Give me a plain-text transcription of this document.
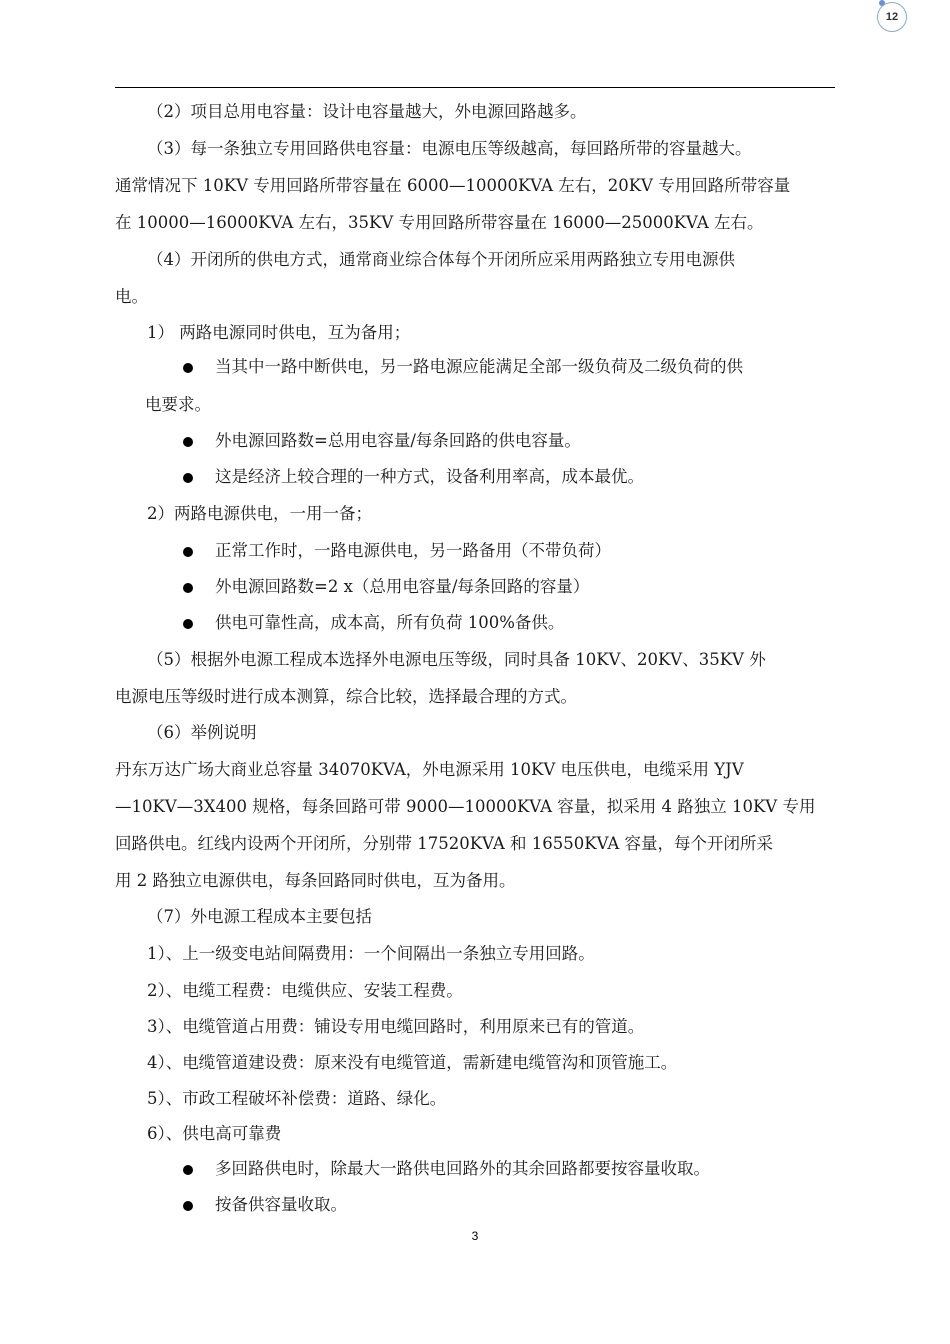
12
（2）项目总用电容量：设计电容量越大，外电源回路越多。
（3）每一条独立专用回路供电容量：电源电压等级越高，每回路所带的容量越大。
通常情况下 10KV 专用回路所带容量在 6000—10000KVA 左右，20KV 专用回路所带容量
在 10000—16000KVA 左右，35KV 专用回路所带容量在 16000—25000KVA 左右。
（4）开闭所的供电方式，通常商业综合体每个开闭所应采用两路独立专用电源供
电。
1） 两路电源同时供电，互为备用；
当其中一路中断供电，另一路电源应能满足全部一级负荷及二级负荷的供
电要求。
外电源回路数=总用电容量/每条回路的供电容量。
这是经济上较合理的一种方式，设备利用率高，成本最优。
2）两路电源供电，一用一备；
正常工作时，一路电源供电，另一路备用（不带负荷）
外电源回路数=2 x（总用电容量/每条回路的容量）
供电可靠性高，成本高，所有负荷 100%备供。
（5）根据外电源工程成本选择外电源电压等级，同时具备 10KV、20KV、35KV 外
电源电压等级时进行成本测算，综合比较，选择最合理的方式。
（6）举例说明
丹东万达广场大商业总容量 34070KVA，外电源采用 10KV 电压供电，电缆采用 YJV
—10KV—3X400 规格，每条回路可带 9000—10000KVA 容量，拟采用 4 路独立 10KV 专用
回路供电。红线内设两个开闭所，分别带 17520KVA 和 16550KVA 容量，每个开闭所采
用 2 路独立电源供电，每条回路同时供电，互为备用。
（7）外电源工程成本主要包括
1）、上一级变电站间隔费用：一个间隔出一条独立专用回路。
2）、电缆工程费：电缆供应、安装工程费。
3）、电缆管道占用费：铺设专用电缆回路时，利用原来已有的管道。
4）、电缆管道建设费：原来没有电缆管道，需新建电缆管沟和顶管施工。
5）、市政工程破坏补偿费：道路、绿化。
6）、供电高可靠费
多回路供电时，除最大一路供电回路外的其余回路都要按容量收取。
按备供容量收取。
3
